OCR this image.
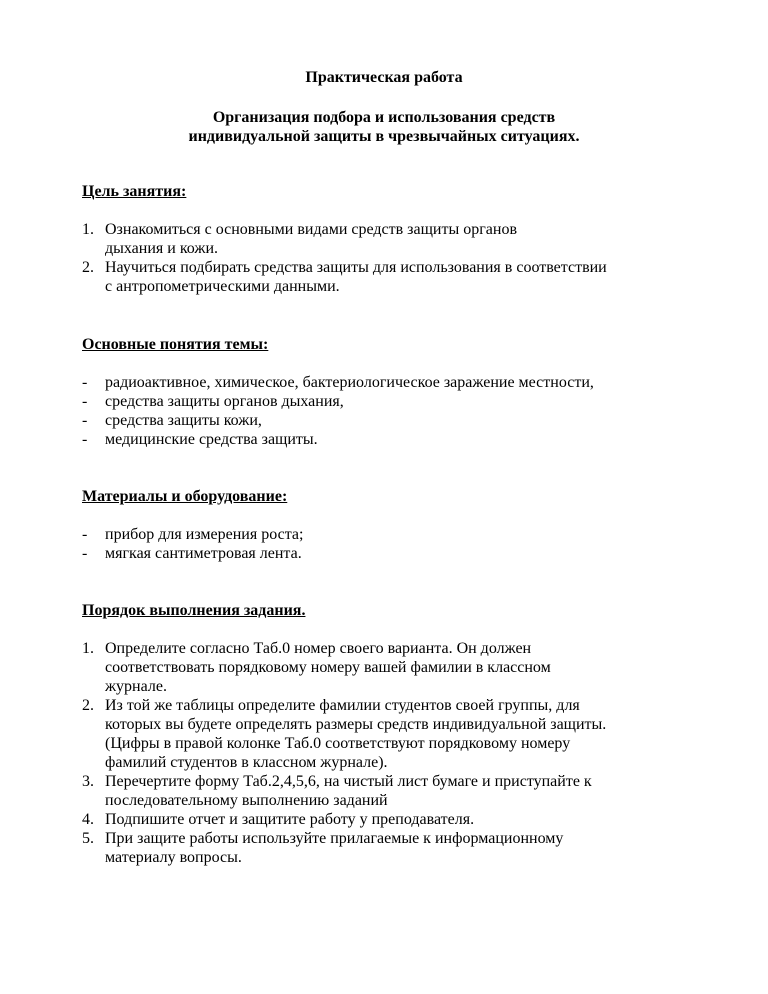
Практическая работа
Организация подбора и использования средств
индивидуальной защиты в чрезвычайных ситуациях.
Цель занятия:
1. Ознакомиться с основными видами средств защиты органов
дыхания и кожи.
2. Научиться подбирать средства защиты для использования в соответствии
с антропометрическими данными.
Основные понятия темы:
- радиоактивное, химическое, бактериологическое заражение местности,
- средства защиты органов дыхания,
- средства защиты кожи,
- медицинские средства защиты.
Материалы и оборудование:
- прибор для измерения роста;
- мягкая сантиметровая лента.
Порядок выполнения задания.
1. Определите согласно Таб.0 номер своего варианта. Он должен
соответствовать порядковому номеру вашей фамилии в классном
журнале.
2. Из той же таблицы определите фамилии студентов своей группы, для
которых вы будете определять размеры средств индивидуальной защиты.
(Цифры в правой колонке Таб.0 соответствуют порядковому номеру
фамилий студентов в классном журнале).
3. Перечертите форму Таб.2,4,5,6, на чистый лист бумаге и приступайте к
последовательному выполнению заданий
4. Подпишите отчет и защитите работу у преподавателя.
5. При защите работы используйте прилагаемые к информационному
материалу вопросы.
